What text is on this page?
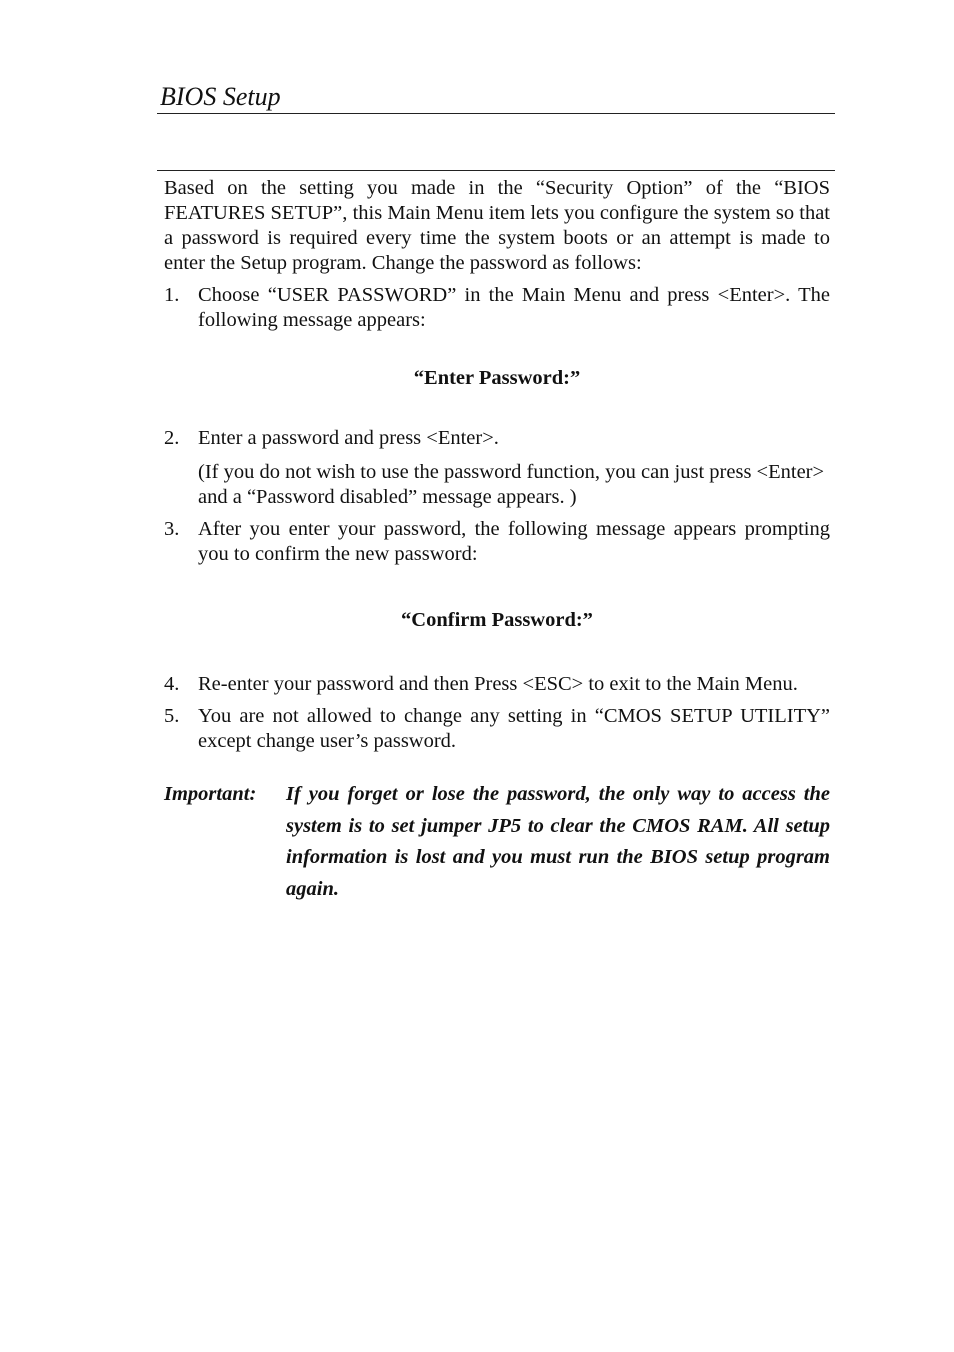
BIOS Setup

Based on the setting you made in the “Security Option” of the “BIOS FEATURES SETUP”, this Main Menu item lets you configure the system so that a password is required every time the system boots or an attempt is made to enter the Setup program. Change the password as follows:

1. Choose “USER PASSWORD” in the Main Menu and press <Enter>. The following message appears:

“Enter Password:”

2. Enter a password and press <Enter>.

(If you do not wish to use the password function, you can just press <Enter> and a “Password disabled” message appears. )

3. After you enter your password, the following message appears prompting you to confirm the new password:

“Confirm Password:”

4. Re-enter your password and then Press <ESC> to exit to the Main Menu.

5. You are not allowed to change any setting in “CMOS SETUP UTILITY” except change user’s password.

Important:	If you forget or lose the password, the only way to access the system is to set jumper JP5 to clear the CMOS RAM. All setup information is lost and you must run the BIOS setup program again.
